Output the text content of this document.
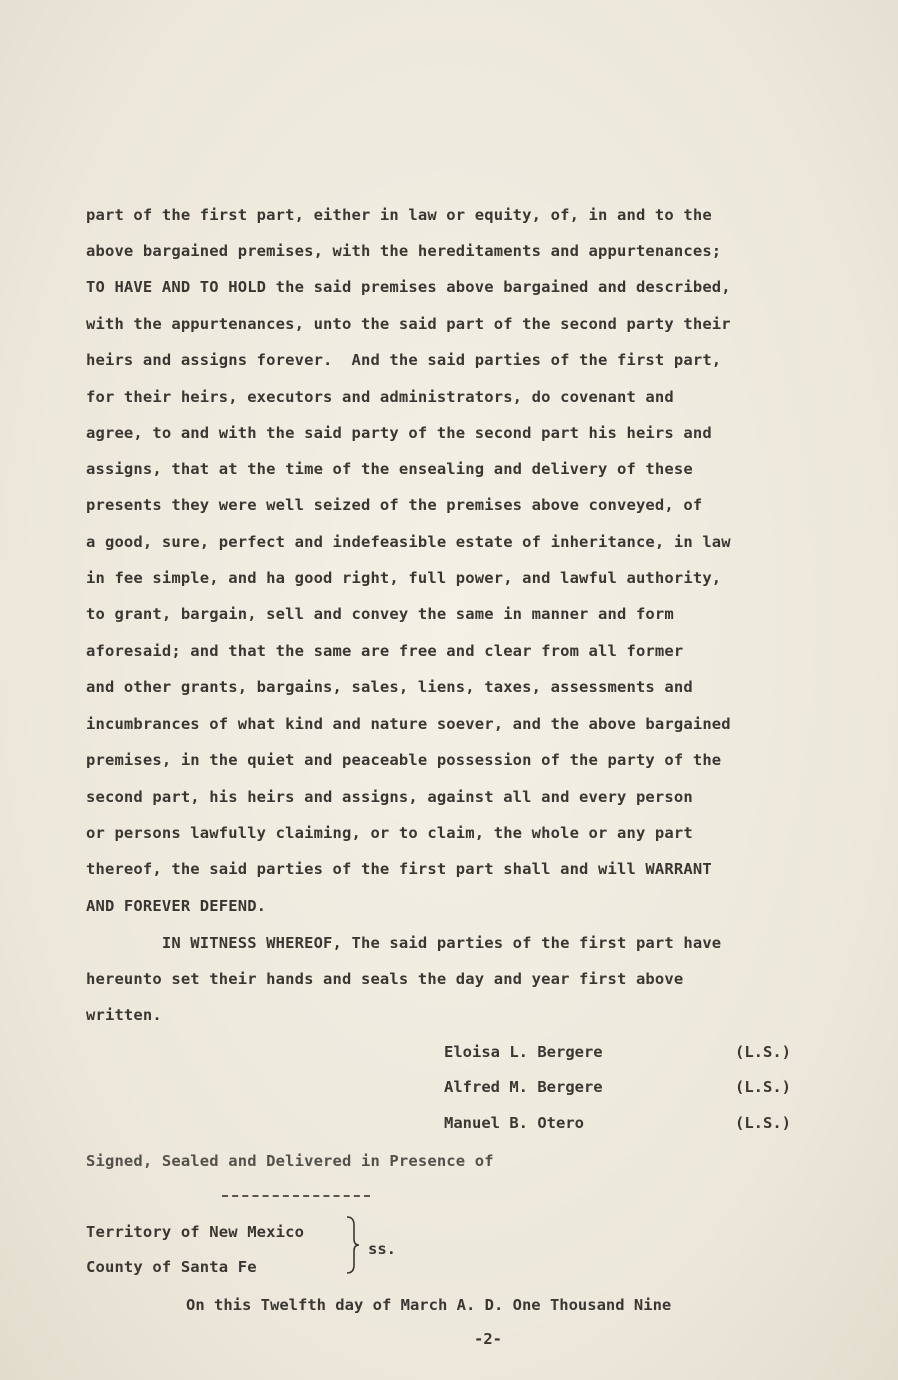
part of the first part, either in law or equity, of, in and to the
above bargained premises, with the hereditaments and appurtenances;
TO HAVE AND TO HOLD the said premises above bargained and described,
with the appurtenances, unto the said part of the second party their
heirs and assigns forever.  And the said parties of the first part,
for their heirs, executors and administrators, do covenant and
agree, to and with the said party of the second part his heirs and
assigns, that at the time of the ensealing and delivery of these
presents they were well seized of the premises above conveyed, of
a good, sure, perfect and indefeasible estate of inheritance, in law
in fee simple, and ha good right, full power, and lawful authority,
to grant, bargain, sell and convey the same in manner and form
aforesaid; and that the same are free and clear from all former
and other grants, bargains, sales, liens, taxes, assessments and
incumbrances of what kind and nature soever, and the above bargained
premises, in the quiet and peaceable possession of the party of the
second part, his heirs and assigns, against all and every person
or persons lawfully claiming, or to claim, the whole or any part
thereof, the said parties of the first part shall and will WARRANT
AND FOREVER DEFEND.
IN WITNESS WHEREOF, The said parties of the first part have
hereunto set their hands and seals the day and year first above
written.
Eloisa L. Bergere	(L.S.)
Alfred M. Bergere	(L.S.)
Manuel B. Otero	(L.S.)
Signed, Sealed and Delivered in Presence of
Territory of New Mexico
County of Santa Fe
ss.
On this Twelfth day of March A. D. One Thousand Nine
-2-
